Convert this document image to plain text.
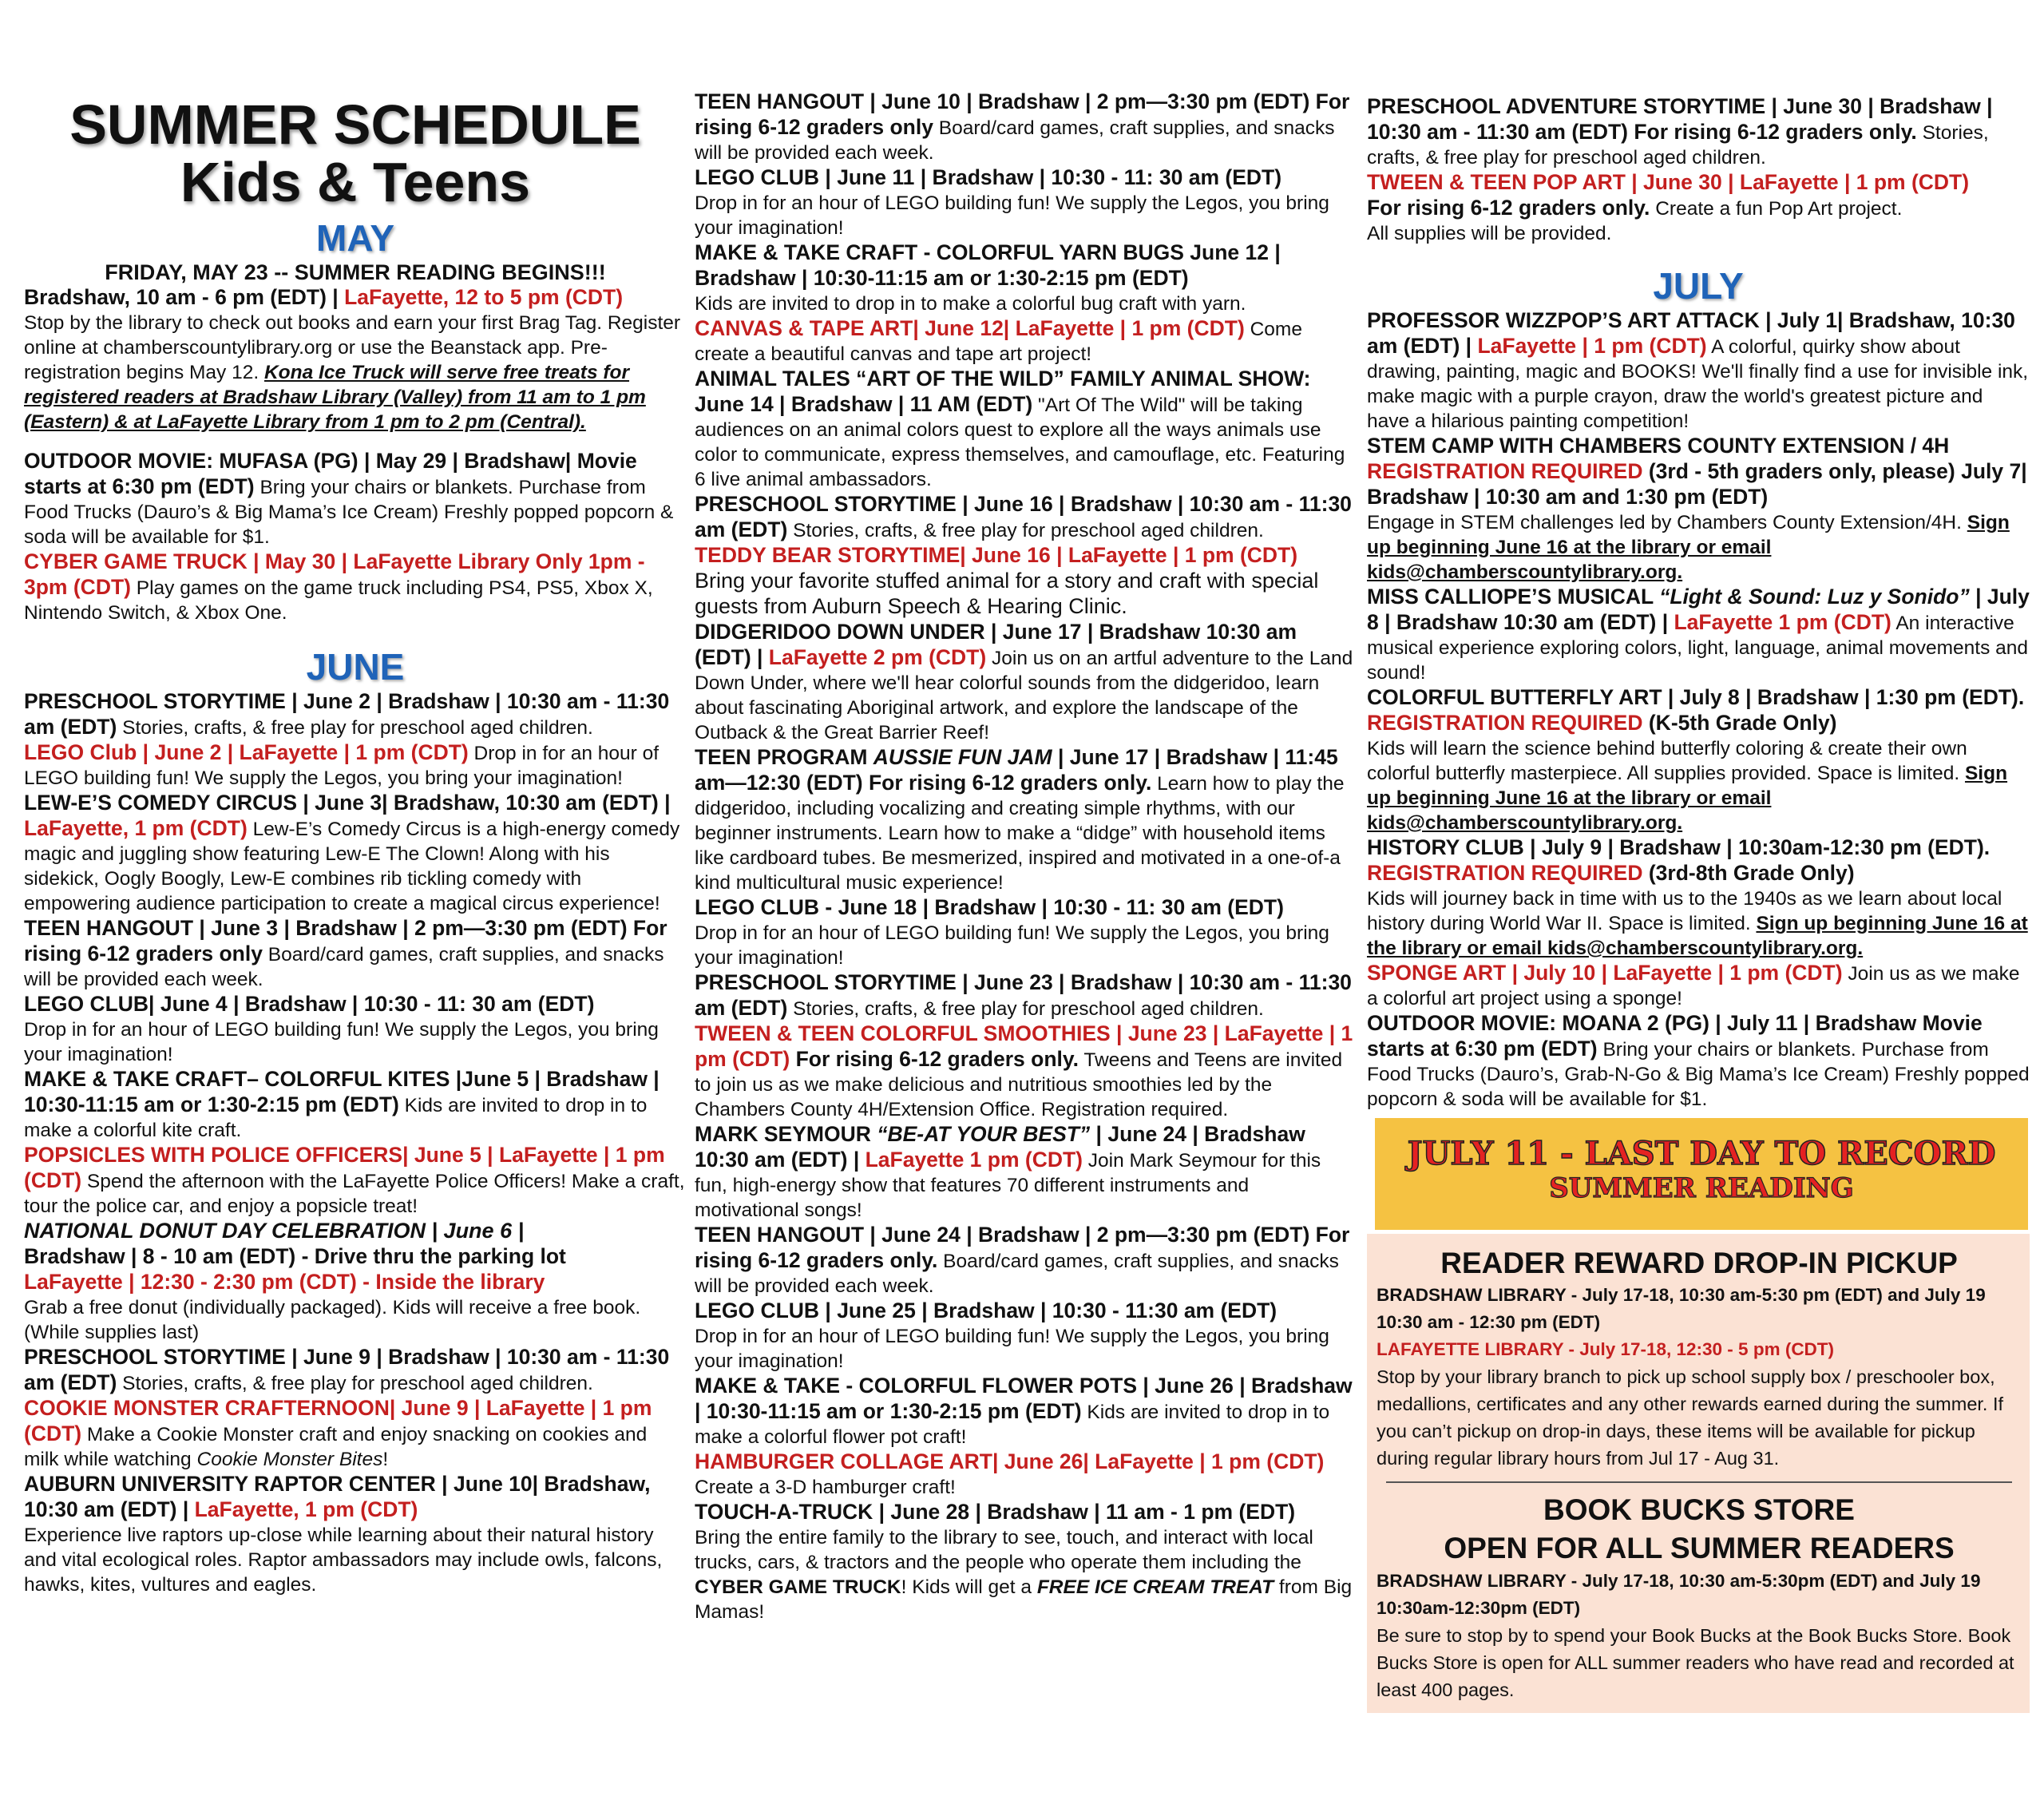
SUMMER SCHEDULE
Kids & Teens
MAY

FRIDAY, MAY 23 -- SUMMER READING BEGINS!!!
Bradshaw, 10 am - 6 pm (EDT) | LaFayette, 12 to 5 pm (CDT)
Stop by the library to check out books and earn your first Brag Tag. Register online at chamberscountylibrary.org or use the Beanstack app. Pre-registration begins May 12. Kona Ice Truck will serve free treats for registered readers at Bradshaw Library (Valley) from 11 am to 1 pm (Eastern) & at LaFayette Library from 1 pm to 2 pm (Central).

OUTDOOR MOVIE: MUFASA (PG) | May 29 | Bradshaw| Movie starts at 6:30 pm (EDT) Bring your chairs or blankets. Purchase from Food Trucks (Dauro’s & Big Mama’s Ice Cream) Freshly popped popcorn & soda will be available for $1.

CYBER GAME TRUCK | May 30 | LaFayette Library Only 1pm - 3pm (CDT) Play games on the game truck including PS4, PS5, Xbox X, Nintendo Switch, & Xbox One.

JUNE

PRESCHOOL STORYTIME | June 2 | Bradshaw | 10:30 am - 11:30 am (EDT) Stories, crafts, & free play for preschool aged children.

LEGO Club | June 2 | LaFayette | 1 pm (CDT) Drop in for an hour of LEGO building fun! We supply the Legos, you bring your imagination!

LEW-E’S COMEDY CIRCUS | June 3| Bradshaw, 10:30 am (EDT) | LaFayette, 1 pm (CDT) Lew-E’s Comedy Circus is a high-energy comedy magic and juggling show featuring Lew-E The Clown! Along with his sidekick, Oogly Boogly, Lew-E combines rib tickling comedy with empowering audience participation to create a magical circus experience!

TEEN HANGOUT | June 3 | Bradshaw | 2 pm—3:30 pm (EDT) For rising 6-12 graders only Board/card games, craft supplies, and snacks will be provided each week.

LEGO CLUB| June 4 | Bradshaw | 10:30 - 11: 30 am (EDT)
Drop in for an hour of LEGO building fun! We supply the Legos, you bring your imagination!

MAKE & TAKE CRAFT– COLORFUL KITES |June 5 | Bradshaw | 10:30-11:15 am or 1:30-2:15 pm (EDT) Kids are invited to drop in to make a colorful kite craft.

POPSICLES WITH POLICE OFFICERS| June 5 | LaFayette | 1 pm (CDT) Spend the afternoon with the LaFayette Police Officers! Make a craft, tour the police car, and enjoy a popsicle treat!

NATIONAL DONUT DAY CELEBRATION | June 6 |
Bradshaw | 8 - 10 am (EDT) - Drive thru the parking lot
LaFayette | 12:30 - 2:30 pm (CDT) - Inside the library
Grab a free donut (individually packaged). Kids will receive a free book. (While supplies last)

PRESCHOOL STORYTIME | June 9 | Bradshaw | 10:30 am - 11:30 am (EDT) Stories, crafts, & free play for preschool aged children.

COOKIE MONSTER CRAFTERNOON| June 9 | LaFayette | 1 pm (CDT) Make a Cookie Monster craft and enjoy snacking on cookies and milk while watching Cookie Monster Bites!

AUBURN UNIVERSITY RAPTOR CENTER | June 10| Bradshaw, 10:30 am (EDT) | LaFayette, 1 pm (CDT)
Experience live raptors up-close while learning about their natural history and vital ecological roles. Raptor ambassadors may include owls, falcons, hawks, kites, vultures and eagles.

TEEN HANGOUT | June 10 | Bradshaw | 2 pm—3:30 pm (EDT) For rising 6-12 graders only Board/card games, craft supplies, and snacks will be provided each week.

LEGO CLUB | June 11 | Bradshaw | 10:30 - 11: 30 am (EDT)
Drop in for an hour of LEGO building fun! We supply the Legos, you bring your imagination!

MAKE & TAKE CRAFT - COLORFUL YARN BUGS June 12 | Bradshaw | 10:30-11:15 am or 1:30-2:15 pm (EDT)
Kids are invited to drop in to make a colorful bug craft with yarn.

CANVAS & TAPE ART| June 12| LaFayette | 1 pm (CDT) Come create a beautiful canvas and tape art project!

ANIMAL TALES “ART OF THE WILD” FAMILY ANIMAL SHOW: June 14 | Bradshaw | 11 AM (EDT) "Art Of The Wild" will be taking audiences on an animal colors quest to explore all the ways animals use color to communicate, express themselves, and camouflage, etc. Featuring 6 live animal ambassadors.

PRESCHOOL STORYTIME | June 16 | Bradshaw | 10:30 am - 11:30 am (EDT) Stories, crafts, & free play for preschool aged children.

TEDDY BEAR STORYTIME| June 16 | LaFayette | 1 pm (CDT)
Bring your favorite stuffed animal for a story and craft with special guests from Auburn Speech & Hearing Clinic.

DIDGERIDOO DOWN UNDER | June 17 | Bradshaw 10:30 am (EDT) | LaFayette 2 pm (CDT) Join us on an artful adventure to the Land Down Under, where we'll hear colorful sounds from the didgeridoo, learn about fascinating Aboriginal artwork, and explore the landscape of the Outback & the Great Barrier Reef!

TEEN PROGRAM AUSSIE FUN JAM | June 17 | Bradshaw | 11:45 am—12:30 (EDT) For rising 6-12 graders only. Learn how to play the didgeridoo, including vocalizing and creating simple rhythms, with our beginner instruments. Learn how to make a “didge” with household items like cardboard tubes. Be mesmerized, inspired and motivated in a one-of-a kind multicultural music experience!

LEGO CLUB - June 18 | Bradshaw | 10:30 - 11: 30 am (EDT)
Drop in for an hour of LEGO building fun! We supply the Legos, you bring your imagination!

PRESCHOOL STORYTIME | June 23 | Bradshaw | 10:30 am - 11:30 am (EDT) Stories, crafts, & free play for preschool aged children.

TWEEN & TEEN COLORFUL SMOOTHIES | June 23 | LaFayette | 1 pm (CDT) For rising 6-12 graders only. Tweens and Teens are invited to join us as we make delicious and nutritious smoothies led by the Chambers County 4H/Extension Office. Registration required.

MARK SEYMOUR “BE-AT YOUR BEST” | June 24 | Bradshaw 10:30 am (EDT) | LaFayette 1 pm (CDT) Join Mark Seymour for this fun, high-energy show that features 70 different instruments and motivational songs!

TEEN HANGOUT | June 24 | Bradshaw | 2 pm—3:30 pm (EDT) For rising 6-12 graders only. Board/card games, craft supplies, and snacks will be provided each week.

LEGO CLUB | June 25 | Bradshaw | 10:30 - 11:30 am (EDT)
Drop in for an hour of LEGO building fun! We supply the Legos, you bring your imagination!

MAKE & TAKE - COLORFUL FLOWER POTS | June 26 | Bradshaw | 10:30-11:15 am or 1:30-2:15 pm (EDT) Kids are invited to drop in to make a colorful flower pot craft!

HAMBURGER COLLAGE ART| June 26| LaFayette | 1 pm (CDT) Create a 3-D hamburger craft!

TOUCH-A-TRUCK | June 28 | Bradshaw | 11 am - 1 pm (EDT)
Bring the entire family to the library to see, touch, and interact with local trucks, cars, & tractors and the people who operate them including the CYBER GAME TRUCK! Kids will get a FREE ICE CREAM TREAT from Big Mamas!

PRESCHOOL ADVENTURE STORYTIME | June 30 | Bradshaw | 10:30 am - 11:30 am (EDT) For rising 6-12 graders only. Stories, crafts, & free play for preschool aged children.

TWEEN & TEEN POP ART | June 30 | LaFayette | 1 pm (CDT)
For rising 6-12 graders only. Create a fun Pop Art project.
All supplies will be provided.

JULY

PROFESSOR WIZZPOP’S ART ATTACK | July 1| Bradshaw, 10:30 am (EDT) | LaFayette | 1 pm (CDT) A colorful, quirky show about drawing, painting, magic and BOOKS! We'll finally find a use for invisible ink, make magic with a purple crayon, draw the world's greatest picture and have a hilarious painting competition!

STEM CAMP WITH CHAMBERS COUNTY EXTENSION / 4H
REGISTRATION REQUIRED (3rd - 5th graders only, please) July 7| Bradshaw | 10:30 am and 1:30 pm (EDT)
Engage in STEM challenges led by Chambers County Extension/4H. Sign up beginning June 16 at the library or email kids@chamberscountylibrary.org.

MISS CALLIOPE’S MUSICAL “Light & Sound: Luz y Sonido” | July 8 | Bradshaw 10:30 am (EDT) | LaFayette 1 pm (CDT) An interactive musical experience exploring colors, light, language, animal movements and sound!

COLORFUL BUTTERFLY ART | July 8 | Bradshaw | 1:30 pm (EDT). REGISTRATION REQUIRED (K-5th Grade Only)
Kids will learn the science behind butterfly coloring & create their own colorful butterfly masterpiece. All supplies provided. Space is limited. Sign up beginning June 16 at the library or email kids@chamberscountylibrary.org.

HISTORY CLUB | July 9 | Bradshaw | 10:30am-12:30 pm (EDT).
REGISTRATION REQUIRED (3rd-8th Grade Only)
Kids will journey back in time with us to the 1940s as we learn about local history during World War II. Space is limited. Sign up beginning June 16 at the library or email kids@chamberscountylibrary.org.

SPONGE ART | July 10 | LaFayette | 1 pm (CDT) Join us as we make a colorful art project using a sponge!

OUTDOOR MOVIE: MOANA 2 (PG) | July 11 | Bradshaw Movie starts at 6:30 pm (EDT) Bring your chairs or blankets. Purchase from Food Trucks (Dauro’s, Grab-N-Go & Big Mama’s Ice Cream) Freshly popped popcorn & soda will be available for $1.

JULY 11 - LAST DAY TO RECORD
SUMMER READING

READER REWARD DROP-IN PICKUP

BRADSHAW LIBRARY - July 17-18, 10:30 am-5:30 pm (EDT) and July 19 10:30 am - 12:30 pm (EDT)
LAFAYETTE LIBRARY - July 17-18, 12:30 - 5 pm (CDT)
Stop by your library branch to pick up school supply box / preschooler box, medallions, certificates and any other rewards earned during the summer. If you can’t pickup on drop-in days, these items will be available for pickup during regular library hours from Jul 17 - Aug 31.

BOOK BUCKS STORE

OPEN FOR ALL SUMMER READERS

BRADSHAW LIBRARY - July 17-18, 10:30 am-5:30pm (EDT) and July 19 10:30am-12:30pm (EDT)
Be sure to stop by to spend your Book Bucks at the Book Bucks Store. Book Bucks Store is open for ALL summer readers who have read and recorded at least 400 pages.
